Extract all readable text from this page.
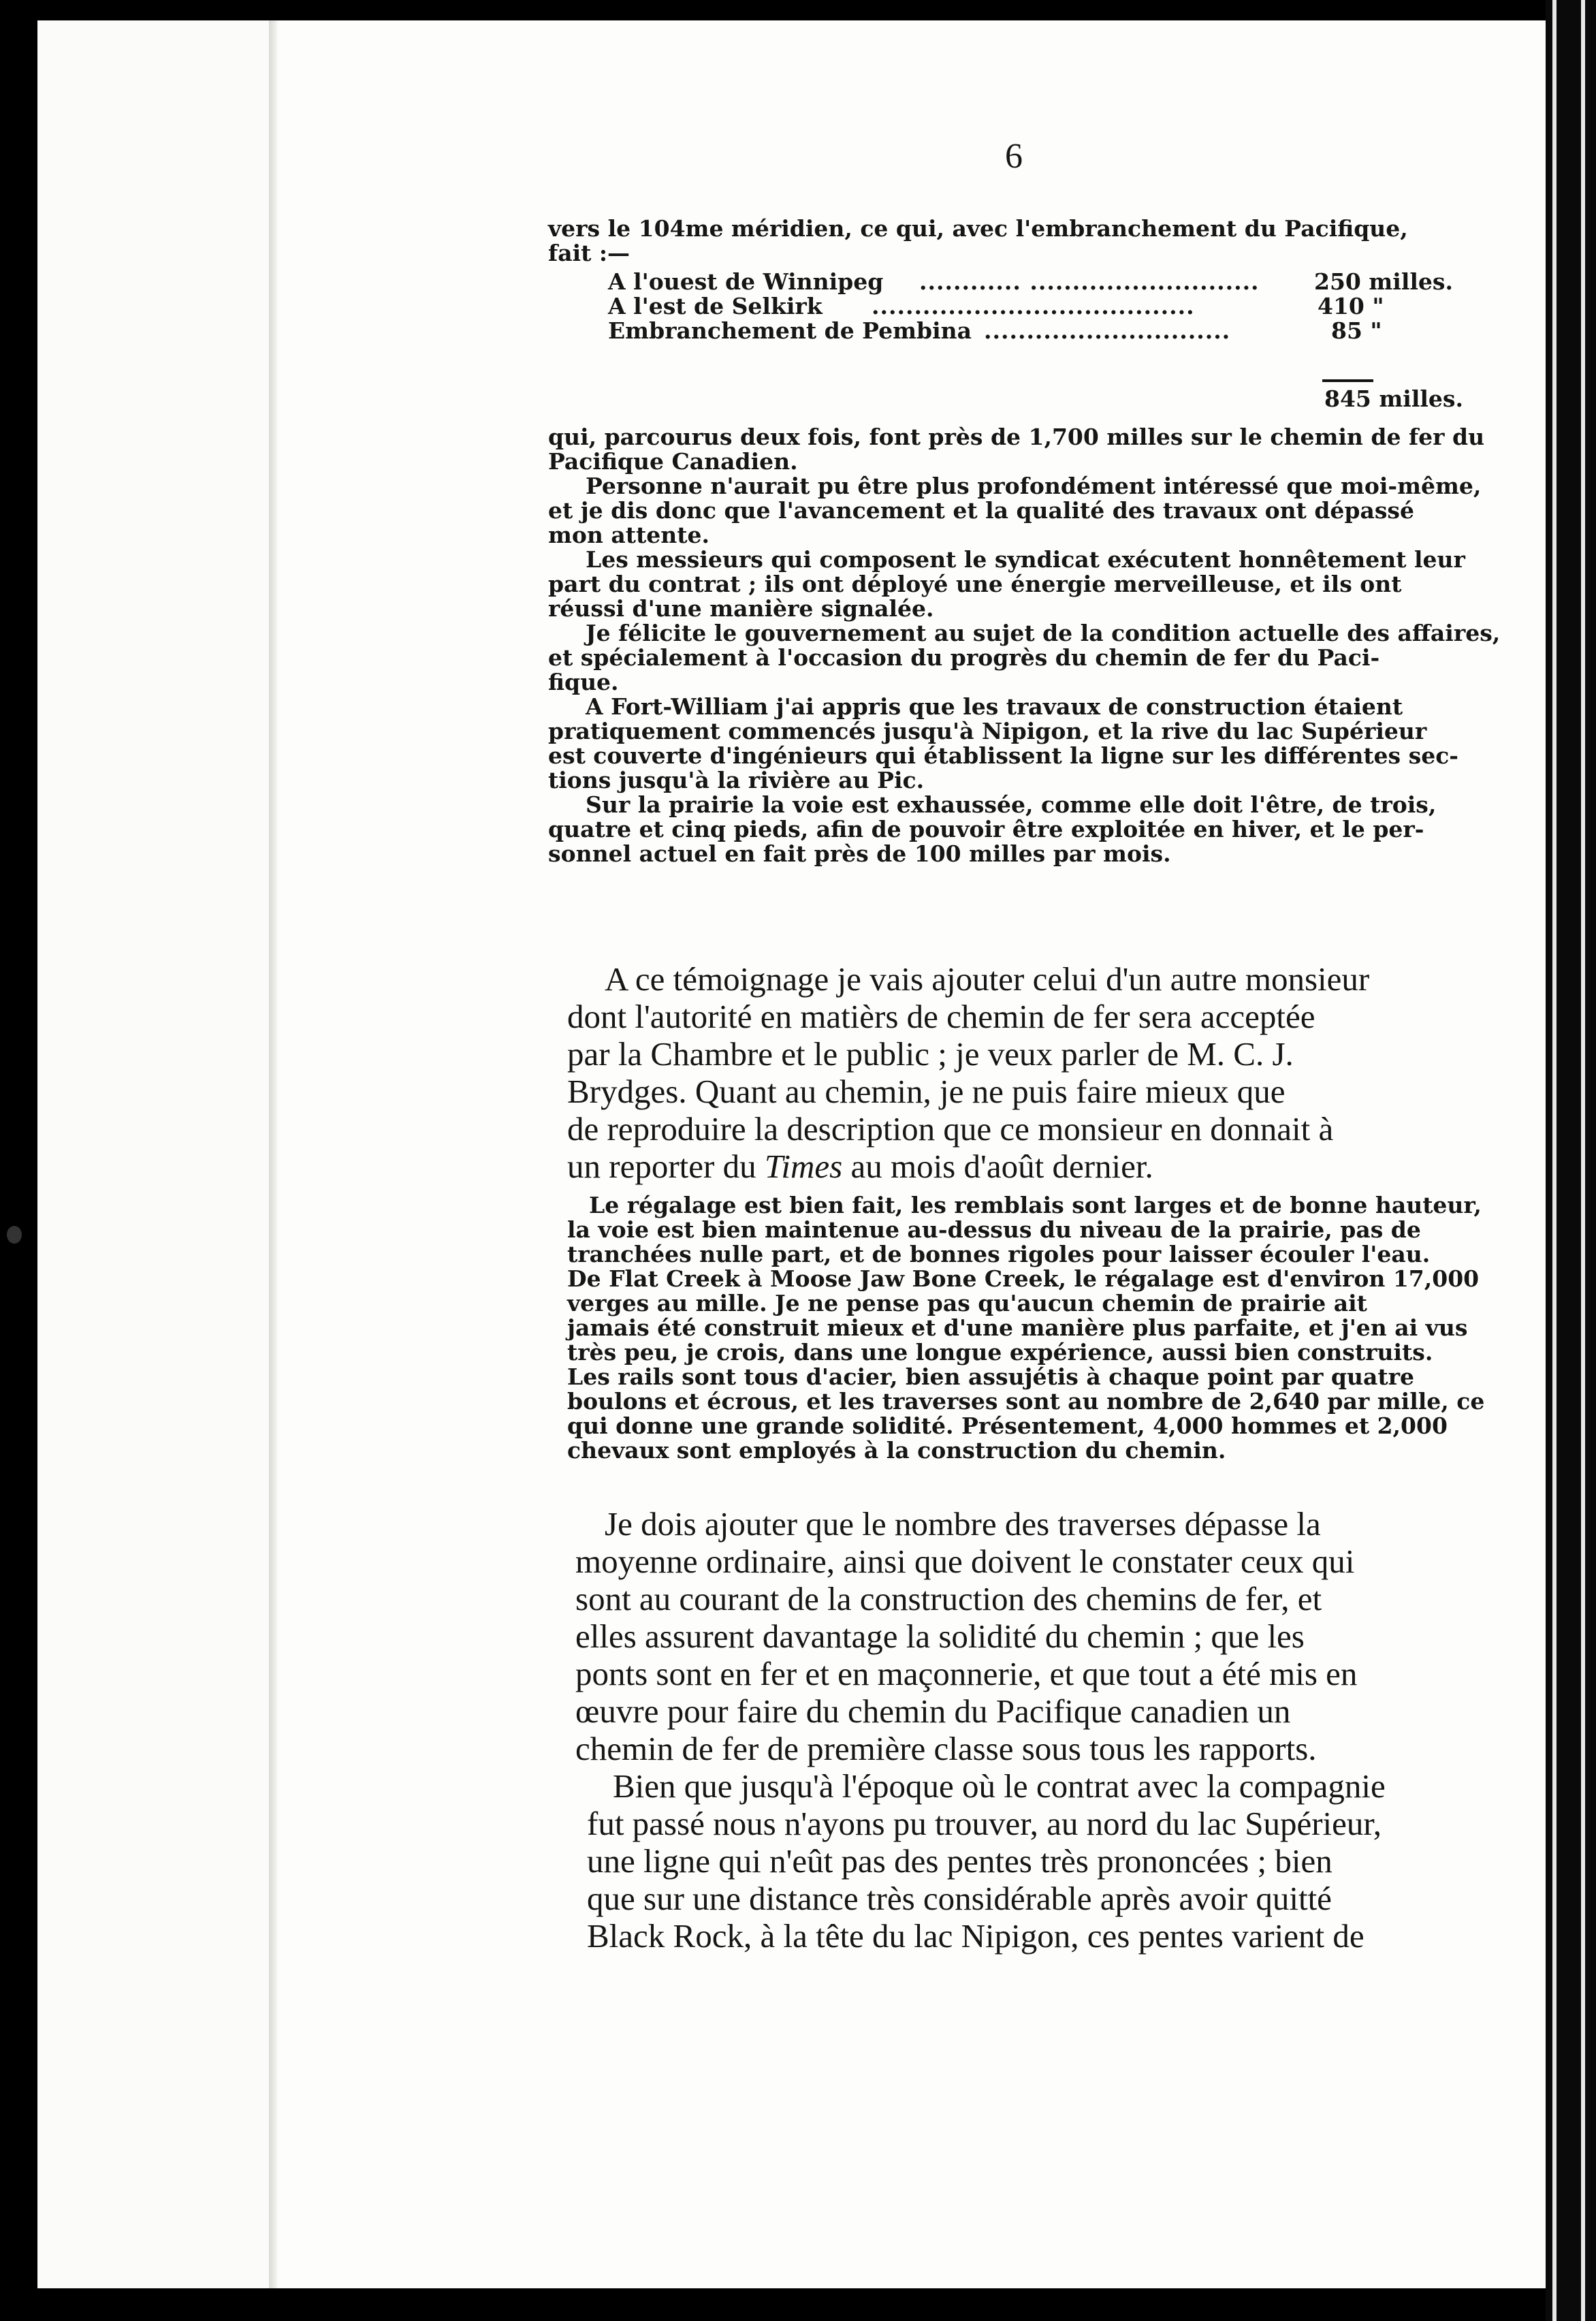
6
vers le 104me méridien, ce qui, avec l'embranchement du Pacifique,
fait :—
A l'ouest de Winnipeg ............ ........................... 250 milles.
A l'est de Selkirk ......................................	410 "
Embranchement de Pembina .............................	85 "
845 milles.
qui, parcourus deux fois, font près de 1,700 milles sur le chemin de fer du
Pacifique Canadien.
Personne n'aurait pu être plus profondément intéressé que moi-même,
et je dis donc que l'avancement et la qualité des travaux ont dépassé
mon attente.
Les messieurs qui composent le syndicat exécutent honnêtement leur
part du contrat ; ils ont déployé une énergie merveilleuse, et ils ont
réussi d'une manière signalée.
Je félicite le gouvernement au sujet de la condition actuelle des affaires,
et spécialement à l'occasion du progrès du chemin de fer du Paci-
fique.
A Fort-William j'ai appris que les travaux de construction étaient
pratiquement commencés jusqu'à Nipigon, et la rive du lac Supérieur
est couverte d'ingénieurs qui établissent la ligne sur les différentes sec-
tions jusqu'à la rivière au Pic.
Sur la prairie la voie est exhaussée, comme elle doit l'être, de trois,
quatre et cinq pieds, afin de pouvoir être exploitée en hiver, et le per-
sonnel actuel en fait près de 100 milles par mois.
A ce témoignage je vais ajouter celui d'un autre monsieur
dont l'autorité en matièrs de chemin de fer sera acceptée
par la Chambre et le public ; je veux parler de M. C. J.
Brydges. Quant au chemin, je ne puis faire mieux que
de reproduire la description que ce monsieur en donnait à
un reporter du Times au mois d'août dernier.
Le régalage est bien fait, les remblais sont larges et de bonne hauteur,
la voie est bien maintenue au-dessus du niveau de la prairie, pas de
tranchées nulle part, et de bonnes rigoles pour laisser écouler l'eau.
De Flat Creek à Moose Jaw Bone Creek, le régalage est d'environ 17,000
verges au mille. Je ne pense pas qu'aucun chemin de prairie ait
jamais été construit mieux et d'une manière plus parfaite, et j'en ai vus
très peu, je crois, dans une longue expérience, aussi bien construits.
Les rails sont tous d'acier, bien assujétis à chaque point par quatre
boulons et écrous, et les traverses sont au nombre de 2,640 par mille, ce
qui donne une grande solidité. Présentement, 4,000 hommes et 2,000
chevaux sont employés à la construction du chemin.
Je dois ajouter que le nombre des traverses dépasse la
moyenne ordinaire, ainsi que doivent le constater ceux qui
sont au courant de la construction des chemins de fer, et
elles assurent davantage la solidité du chemin ; que les
ponts sont en fer et en maçonnerie, et que tout a été mis en
œuvre pour faire du chemin du Pacifique canadien un
chemin de fer de première classe sous tous les rapports.
Bien que jusqu'à l'époque où le contrat avec la compagnie
fut passé nous n'ayons pu trouver, au nord du lac Supérieur,
une ligne qui n'eût pas des pentes très prononcées ; bien
que sur une distance très considérable après avoir quitté
Black Rock, à la tête du lac Nipigon, ces pentes varient de
